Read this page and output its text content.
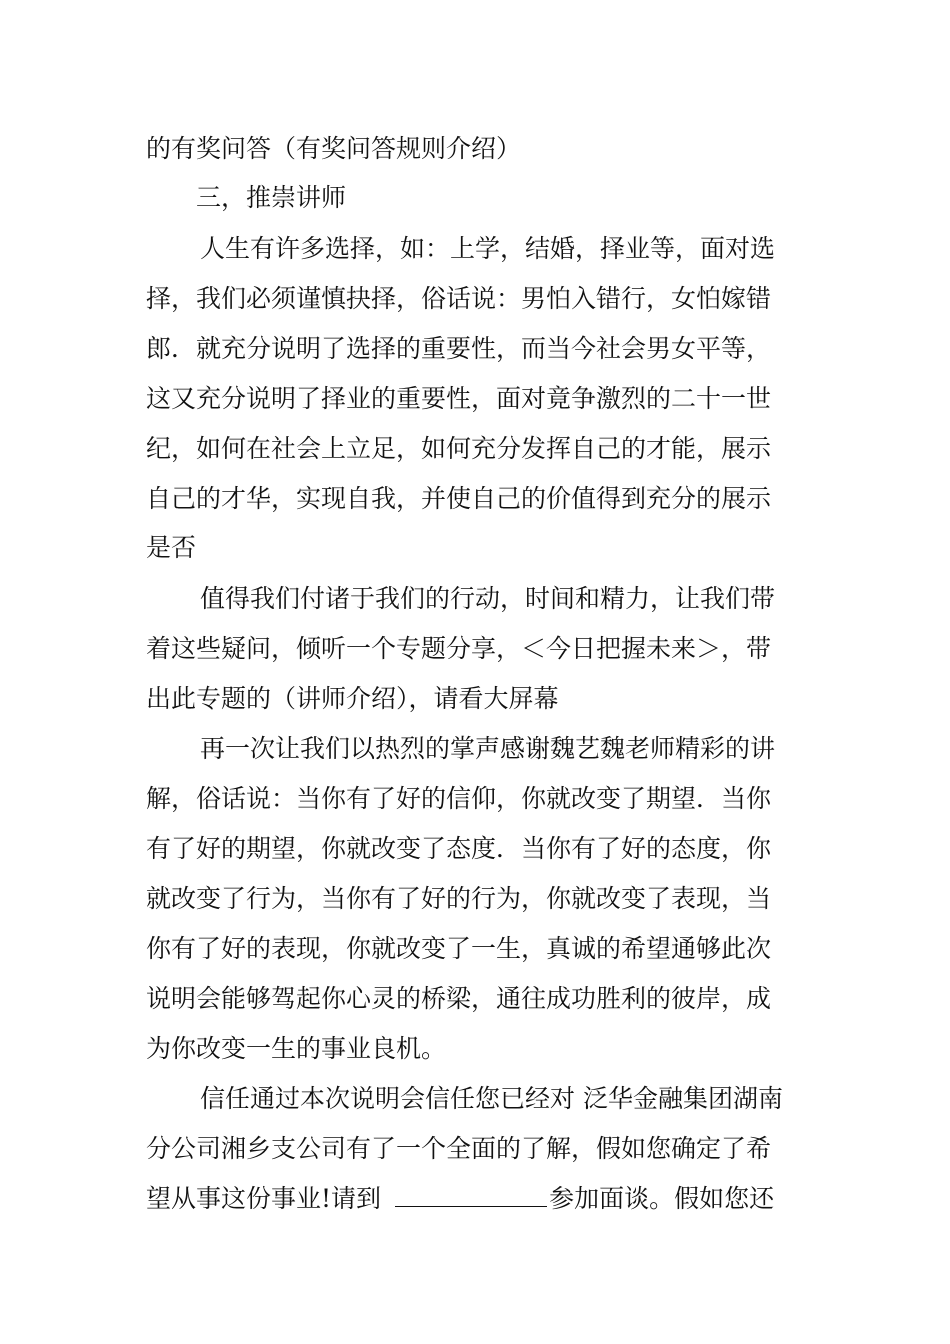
的有奖问答（有奖问答规则介绍）
三，推崇讲师
人生有许多选择，如：上学，结婚，择业等，面对选
择，我们必须谨慎抉择，俗话说：男怕入错行，女怕嫁错
郎．就充分说明了选择的重要性，而当今社会男女平等，
这又充分说明了择业的重要性，面对竟争激烈的二十一世
纪，如何在社会上立足，如何充分发挥自己的才能，展示
自己的才华，实现自我，并使自己的价值得到充分的展示
是否
值得我们付诸于我们的行动，时间和精力，让我们带
着这些疑问，倾听一个专题分享，＜今日把握未来＞，带
出此专题的（讲师介绍），请看大屏幕
再一次让我们以热烈的掌声感谢魏艺魏老师精彩的讲
解，俗话说：当你有了好的信仰，你就改变了期望．当你
有了好的期望，你就改变了态度．当你有了好的态度，你
就改变了行为，当你有了好的行为，你就改变了表现，当
你有了好的表现，你就改变了一生，真诚的希望通够此次
说明会能够驾起你心灵的桥梁，通往成功胜利的彼岸，成
为你改变一生的事业良机。
信任通过本次说明会信任您已经对 泛华金融集团湖南
分公司湘乡支公司有了一个全面的了解，假如您确定了希
望从事这份事业!请到	参加面谈。假如您还
